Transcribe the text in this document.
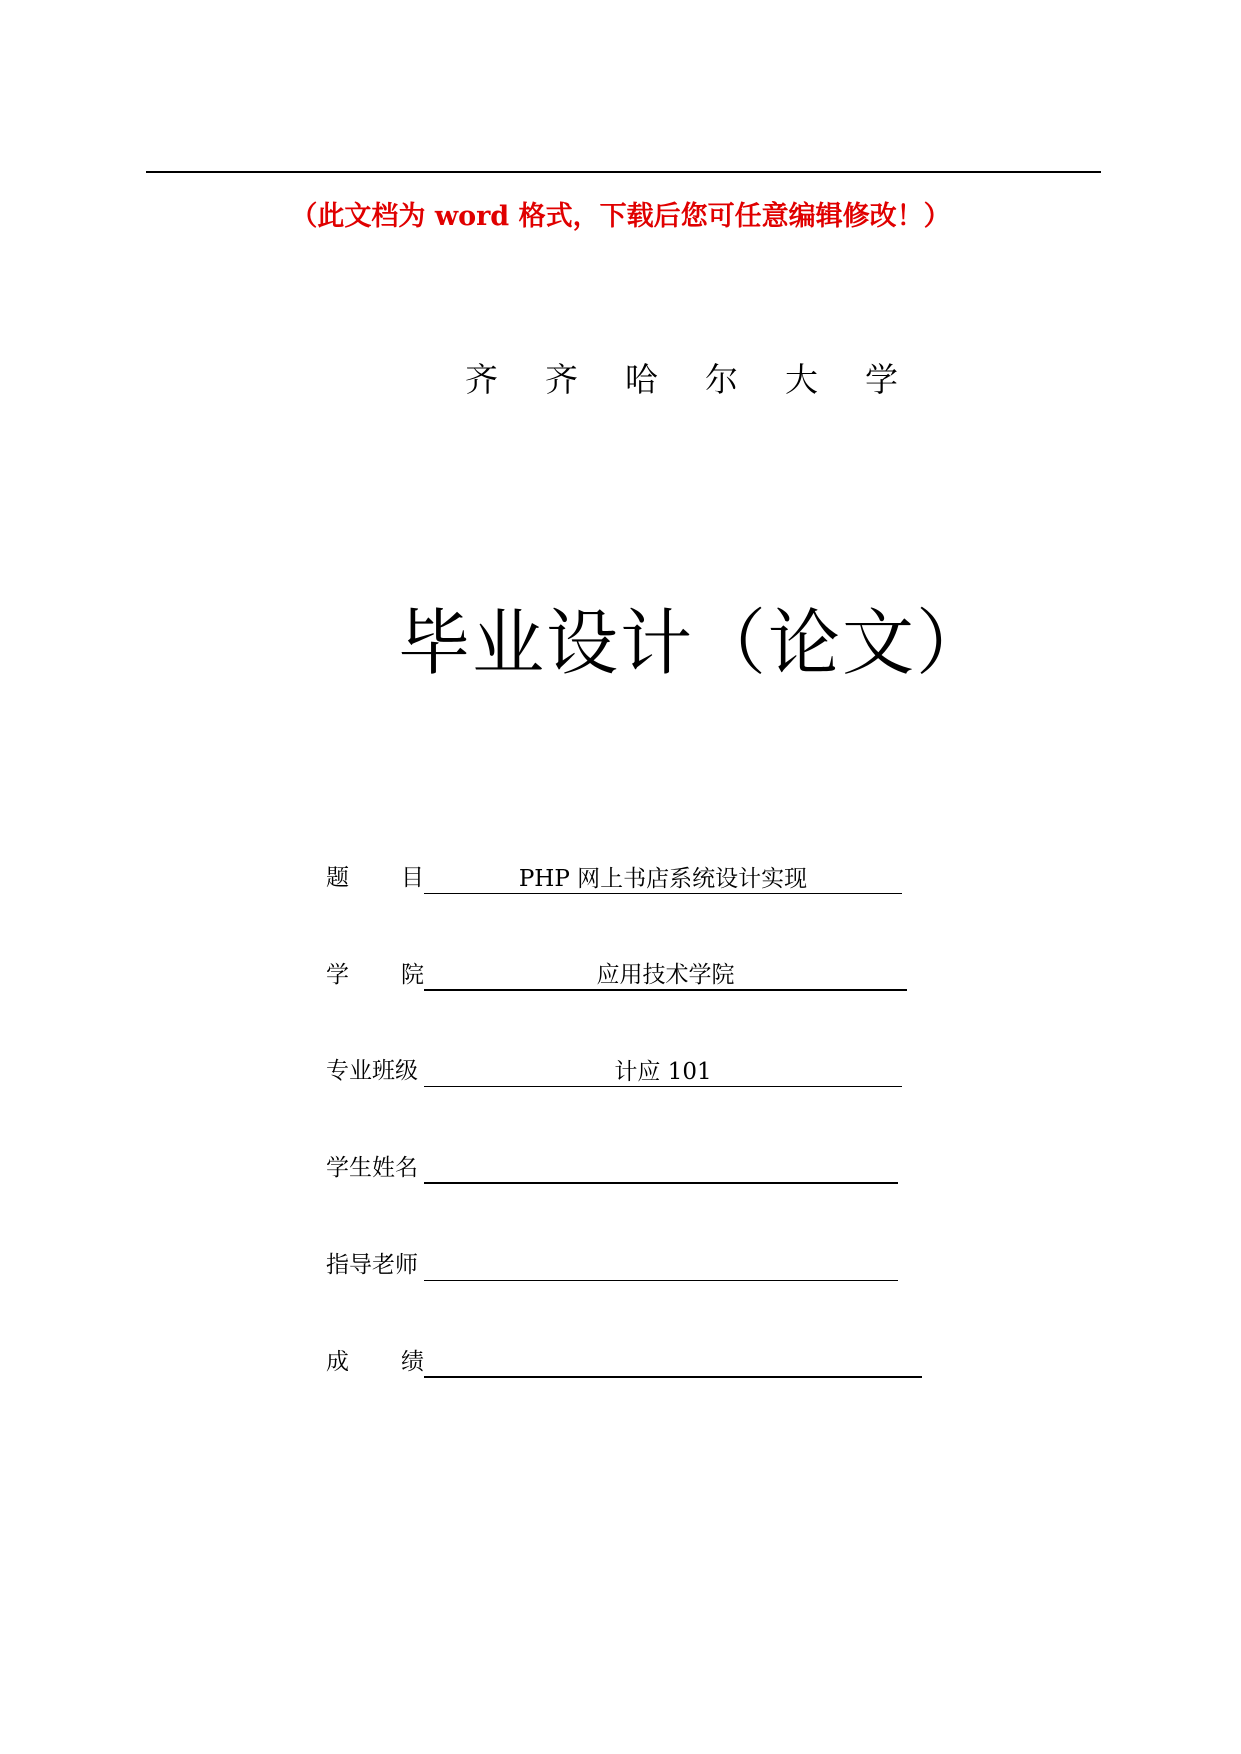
（此文档为 word 格式，下载后您可任意编辑修改！）
齐齐哈尔大学
毕业设计（论文）
题目	PHP 网上书店系统设计实现
学院	应用技术学院
专业班级	计应 101
学生姓名
指导老师
成绩
